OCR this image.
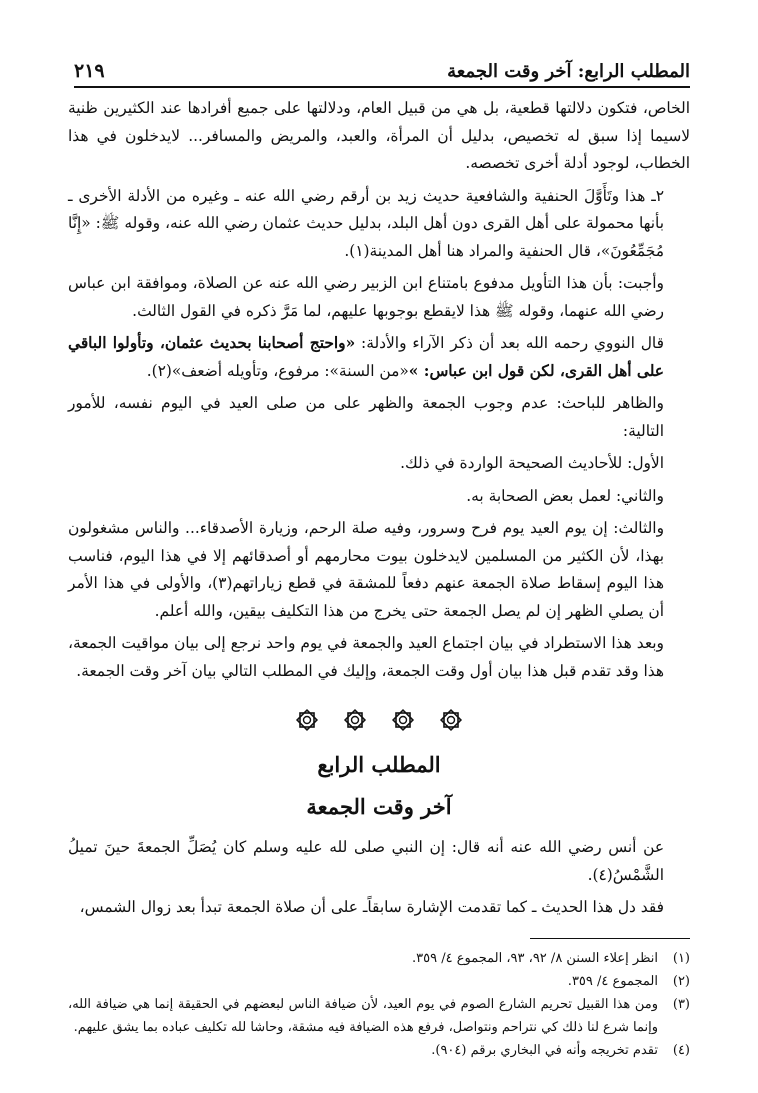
٢١٩	المطلب الرابع: آخر وقت الجمعة

الخاص، فتكون دلالتها قطعية، بل هي من قبيل العام، ودلالتها على جميع أفرادها عند الكثيرين ظنية لاسيما إذا سبق له تخصيص، بدليل أن المرأة، والعبد، والمريض والمسافر... لايدخلون في هذا الخطاب، لوجود أدلة أخرى تخصصه.

٢ـ هذا وتَأَوَّلَ الحنفية والشافعية حديث زيد بن أرقم رضي الله عنه ـ وغيره من الأدلة الأخرى ـ بأنها محمولة على أهل القرى دون أهل البلد، بدليل حديث عثمان رضي الله عنه، وقوله ﷺ: «إِنَّا مُجَمِّعُونَ»، قال الحنفية والمراد هنا أهل المدينة(١).

وأجبت: بأن هذا التأويل مدفوع بامتناع ابن الزبير رضي الله عنه عن الصلاة، وموافقة ابن عباس رضي الله عنهما، وقوله ﷺ هذا لايقطع بوجوبها عليهم، لما مَرَّ ذكره في القول الثالث.

قال النووي رحمه الله بعد أن ذكر الآراء والأدلة: «واحتج أصحابنا بحديث عثمان، وتأولوا الباقي على أهل القرى، لكن قول ابن عباس: »«من السنة»: مرفوع، وتأويله أضعف»(٢).

والظاهر للباحث: عدم وجوب الجمعة والظهر على من صلى العيد في اليوم نفسه، للأمور التالية:

الأول: للأحاديث الصحيحة الواردة في ذلك.

والثاني: لعمل بعض الصحابة به.

والثالث: إن يوم العيد يوم فرح وسرور، وفيه صلة الرحم، وزيارة الأصدقاء... والناس مشغولون بهذا، لأن الكثير من المسلمين لايدخلون بيوت محارمهم أو أصدقائهم إلا في هذا اليوم، فناسب هذا اليوم إسقاط صلاة الجمعة عنهم دفعاً للمشقة في قطع زياراتهم(٣)، والأولى في هذا الأمر أن يصلي الظهر إن لم يصل الجمعة حتى يخرج من هذا التكليف بيقين، والله أعلم.

وبعد هذا الاستطراد في بيان اجتماع العيد والجمعة في يوم واحد نرجع إلى بيان مواقيت الجمعة، هذا وقد تقدم قبل هذا بيان أول وقت الجمعة، وإليك في المطلب التالي بيان آخر وقت الجمعة.

المطلب الرابع
آخر وقت الجمعة

عن أنس رضي الله عنه أنه قال: إن النبي صلى لله عليه وسلم كان يُصَلِّ الجمعةَ حينَ تميلُ الشَّمْسُ(٤).

فقد دل هذا الحديث ـ كما تقدمت الإشارة سابقاًـ على أن صلاة الجمعة تبدأ بعد زوال الشمس،

(١)
انظر إعلاء السنن ٨/ ٩٢، ٩٣، المجموع ٤/ ٣٥٩.

(٢)
المجموع ٤/ ٣٥٩.

(٣)
ومن هذا القبيل تحريم الشارع الصوم في يوم العيد، لأن ضيافة الناس لبعضهم في الحقيقة إنما هي ضيافة الله، وإنما شرع لنا ذلك كي نتراحم ونتواصل، فرفع هذه الضيافة فيه مشقة، وحاشا لله تكليف عباده بما يشق عليهم.

(٤)
تقدم تخريجه وأنه في البخاري برقم (٩٠٤).
